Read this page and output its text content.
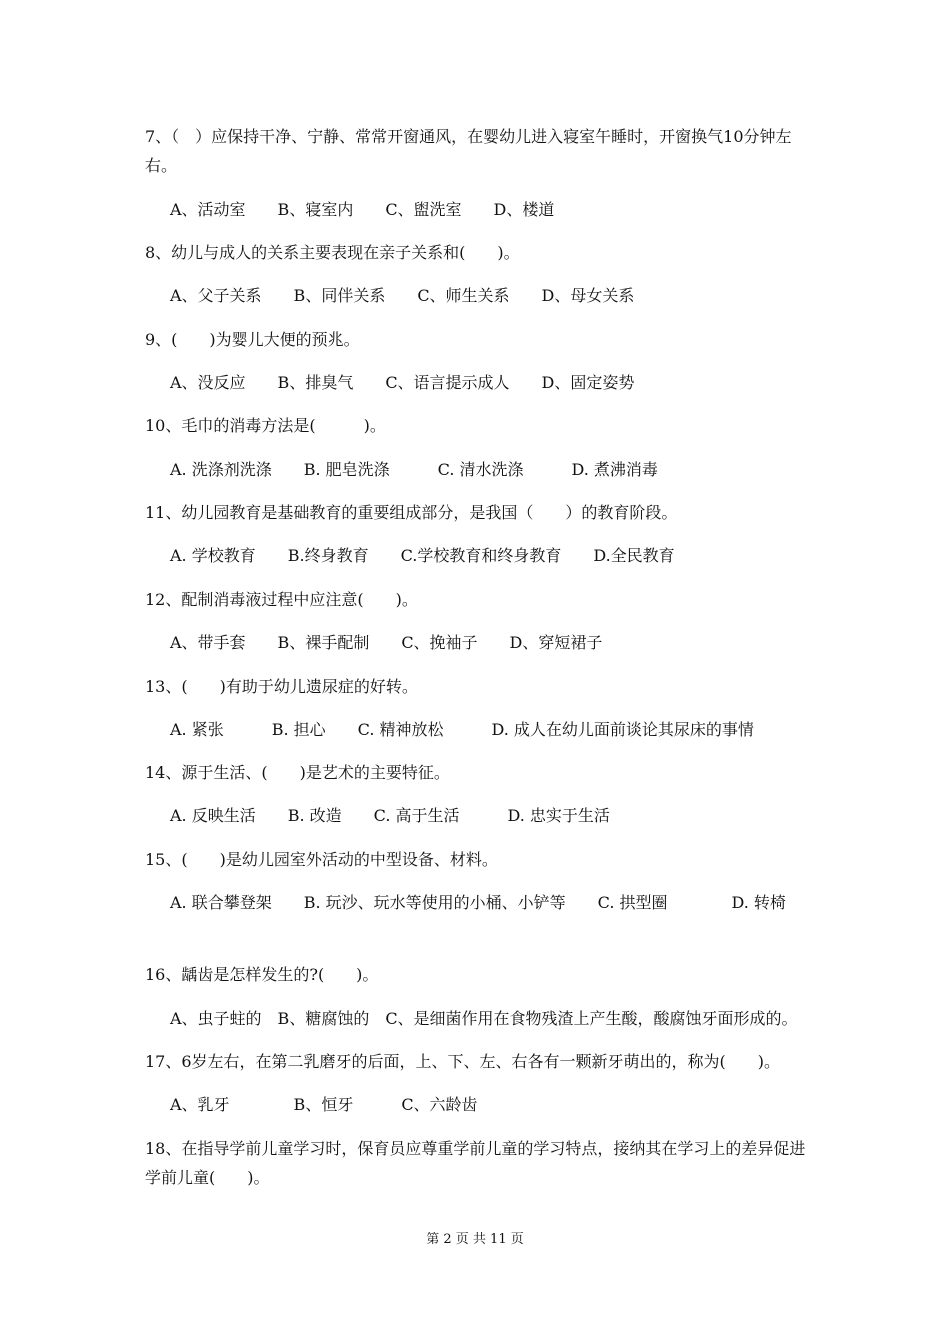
7、（　）应保持干净、宁静、常常开窗通风，在婴幼儿进入寝室午睡时，开窗换气10分钟左右。
A、活动室　　B、寝室内　　C、盥洗室　　D、楼道
8、幼儿与成人的关系主要表现在亲子关系和(　　)。
A、父子关系　　B、同伴关系　　C、师生关系　　D、母女关系
9、(　　)为婴儿大便的预兆。
A、没反应　　B、排臭气　　C、语言提示成人　　D、固定姿势
10、毛巾的消毒方法是(　　　)。
A. 洗涤剂洗涤　　B. 肥皂洗涤　　　C. 清水洗涤　　　D. 煮沸消毒
11、幼儿园教育是基础教育的重要组成部分，是我国（　　）的教育阶段。
A. 学校教育　　B.终身教育　　C.学校教育和终身教育　　D.全民教育
12、配制消毒液过程中应注意(　　)。
A、带手套　　B、裸手配制　　C、挽袖子　　D、穿短裙子
13、(　　)有助于幼儿遗尿症的好转。
A. 紧张　　　B. 担心　　C. 精神放松　　　D. 成人在幼儿面前谈论其尿床的事情
14、源于生活、(　　)是艺术的主要特征。
A. 反映生活　　B. 改造　　C. 高于生活　　　D. 忠实于生活
15、(　　)是幼儿园室外活动的中型设备、材料。
A. 联合攀登架　　B. 玩沙、玩水等使用的小桶、小铲等　　C. 拱型圈　　　　D. 转椅
16、龋齿是怎样发生的?(　　)。
A、虫子蛀的　B、糖腐蚀的　C、是细菌作用在食物残渣上产生酸，酸腐蚀牙面形成的。
17、6岁左右，在第二乳磨牙的后面，上、下、左、右各有一颗新牙萌出的，称为(　　)。
A、乳牙　　　　B、恒牙　　　C、六龄齿
18、在指导学前儿童学习时，保育员应尊重学前儿童的学习特点，接纳其在学习上的差异促进学前儿童(　　)。
第 2 页 共 11 页
